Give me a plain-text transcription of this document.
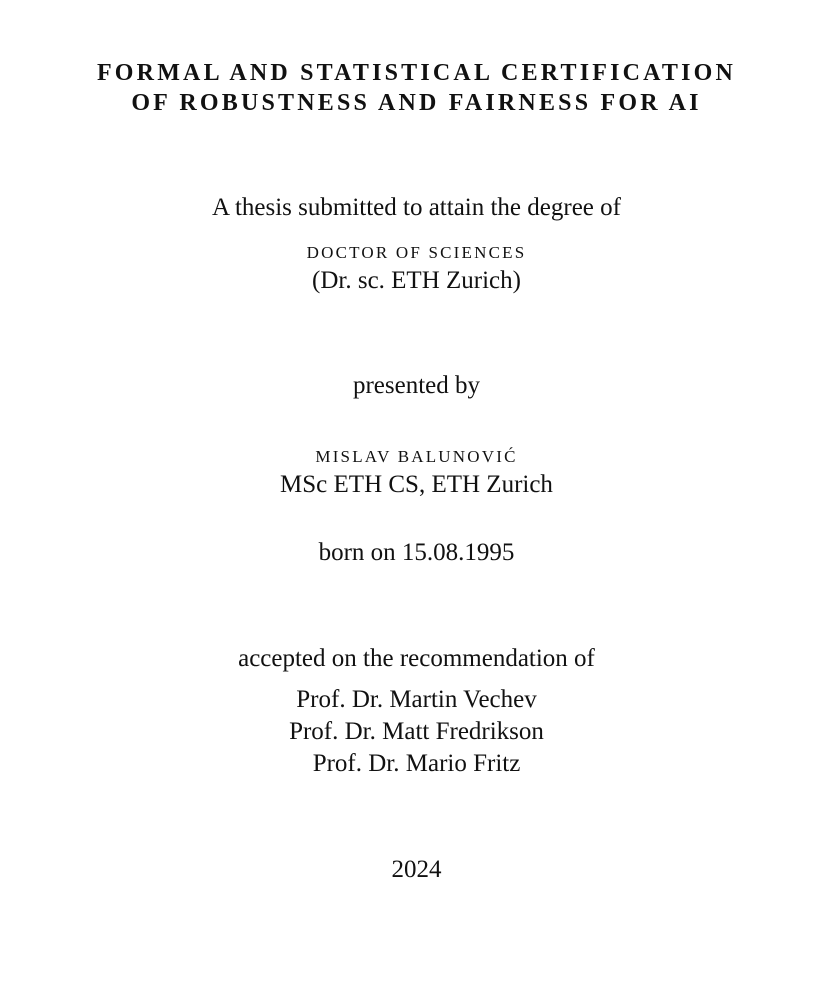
FORMAL AND STATISTICAL CERTIFICATION
OF ROBUSTNESS AND FAIRNESS FOR AI
A thesis submitted to attain the degree of
DOCTOR OF SCIENCES
(Dr. sc. ETH Zurich)
presented by
MISLAV BALUNOVIĆ
MSc ETH CS, ETH Zurich
born on 15.08.1995
accepted on the recommendation of
Prof. Dr. Martin Vechev
Prof. Dr. Matt Fredrikson
Prof. Dr. Mario Fritz
2024
